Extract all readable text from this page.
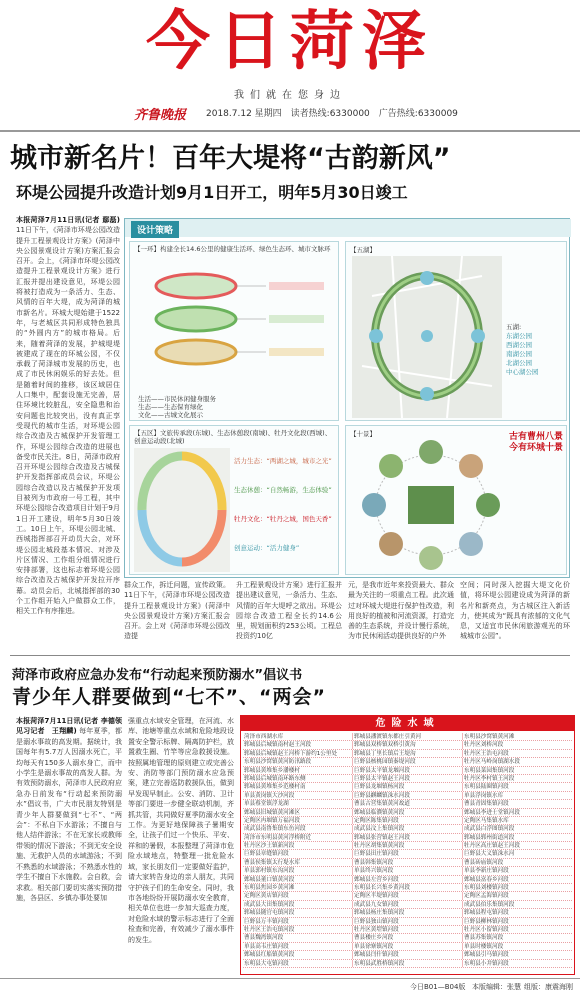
今日菏泽
我们就在您身边
齐鲁晚报 2018.7.12 星期四　读者热线:6330000　广告热线:6330009
城市新名片！百年大堤将“古韵新风”
环堤公园提升改造计划9月1日开工，明年5月30日竣工
本报菏泽7月11日讯(记者 鄢磊) 11日下午，《菏泽市环堤公园改造提升工程景观设计方案》(菏泽中央公园景观设计方案)方案汇报会召开。会上，《菏泽市环堤公园改造提升工程景观设计方案》进行汇报并提出建设意见，环堤公园将被打造成为一条活力、生态、风情的百年大堤，成为菏泽的城市新名片。环城大堤始建于1522年，与老城区共同形成特色独具的“外圆内方”的城市格局。后来，随着菏泽的发展，护城堤堤被建成了现在的环城公园，不仅承载了菏泽城市发展的历史，也成了市民休闲娱乐的好去处。但是随着时间的推移，该区域居住人口集中，配套设施无完善，居住环境比较脏乱，安全隐患和治安问题也比较突出，没有真正享受现代的城市生活，对环堤公园综合改造及古城保护开发管理工作，环堤公园综合改造的进展也备受市民关注。8日，菏泽市政府召开环堤公园综合改造及古城保护开发指挥部成员会议，环堤公园综合改造以及古城保护开发项目被列为市政府一号工程，其中环堤公园综合改造项目计划于9月1日开工建设，明年5月30日竣工。10日上午，环堤公园北城、西城指挥部召开动员大会，对环堤公园北城段基本情况、对涉及片区情况、工作组分组情况进行安排部署，这也标志着环堤公园综合改造及古城保护开发拉开序幕。动员会后，北城指挥部的30个工作组开始入户做群众工作，相关工作有序推进。
设计策略
【一环】构建全长14.6公里的健康生活环、绿色生态环、城市文脉环
生活——市民休闲健身服务
生态——生态保育绿化
文化——古城文化展示
【五湖】
五湖:
东湖公园
西湖公园
南湖公园
北湖公园
中心湖公园
【五区】文旅传承段(东城)、生态休憩段(南城)、牡丹文化段(西城)、创意运动段(北城)
活力生态：“两湖之城，城市之光”
生态休憩：“自然畅游，生态体验”
牡丹文化：“牡丹之城，国色天香”
创意运动：“活力健身”
【十景】	古有曹州八景
今有环城十景
群众工作，拆迁问题，宣传政策。11日下午，《菏泽市环堤公园改造提升工程景观设计方案》(菏泽中央公园景观设计方案)方案汇报会召开。会上对《菏泽市环堤公园改造提
升工程景观设计方案》进行汇报并提出建议意见，一条活力、生态、风情的百年大堤呼之欲出。环堤公园综合改造工程全长约14.6公里，规划面积约253公顷。工程总投资约10亿
元，是我市近年来投资最大、群众最为关注的一项重点工程。此次通过对环城大堤进行保护性改造，利用良好的植被和河流资源，打造完善的生态系统，并设计慢行系统，为市民休闲活动提供良好的户外
空间；同时深入挖掘大堤文化价值，将环堤公园建设成为菏泽的新名片和新亮点，为古城区注入新活力，使其成为“既具有浓郁的文化气息，又适宜市民休闲旅游观光的环城城市公园”。
菏泽市政府应急办发布“行动起来预防溺水”倡议书
青少年人群要做到“七不”、“两会”
本报菏泽7月11日讯(记者 李德领　见习记者　王翔麟) 每年夏季，都是溺水事故的高发期。据统计，我国每年有5.7万人因溺水死亡，平均每天有150多人溺水身亡，而中小学生是溺水事故的高发人群。为有效预防溺水，菏泽市人民政府应急办日前发布“行动起来预防溺水”倡议书，广大市民朋友特别是青少年人群要做到“七不”、“两会”：不私自下水游泳；不擅自与他人结伴游泳；不在无家长或教师带领的情况下游泳；不到无安全设施、无救护人员的水域游泳；不到不熟悉的水域游泳；不熟悉水性的学生不擅自下水施救。会自救，会求救。相关部门要切实落实预防措施，各县区、乡镇办事处要加
强重点水域安全管理，在河流、水库、池塘等重点水域和危险地段设置安全警示标牌、隔离防护栏，放置救生圈、竹竿等应急救援设施。按照属地管理的原则建立或完善公安、消防等部门预防溺水应急预案，建立完善巡防救援队伍，做到早发现早制止。公安、消防、卫计等部门要进一步健全联动机制，齐抓共管，共同做好夏季防溺水安全工作。为更好地保障孩子暑期安全，让孩子们过一个快乐、平安、祥和的暑假，本报整理了菏泽市危险水域地点，特整理一批危险水域，家长朋友们一定要做好监护，请大家转告身边的亲人朋友，共同守护孩子们的生命安全。同时，我市各地纷纷开展防溺水安全教育，相关单位也进一步加大巡查力度，对危险水域的警示标志进行了全面检查和完善，有效减少了溺水事件的发生。
危险水域
菏泽市西湖水库	郓城县潘渡镇东都庄引黄河	东明县沙窝镇黄河滩
郓城县后城镇南村赵王河段	郓城县双桥镇双桥引黄沟	牡丹区刘桥河段
郓城县后城镇赵王河桥下游约1公里处	郓城县丁里长镇后王堤沟	牡丹区王浩屯河段
东明县沙窝镇黄河防汛路段	巨野县核桃园镇秦堤河段	牡丹区马岭岗镇湖水段
郓城县黄堆集乡潘楼村	巨野县太平镇龙堌河段	东明县菜园集镇河段
郓城县后城镇南环路东侧	巨野县太平镇赵王河段	牡丹区李村镇王河段
郓城县黄堆集乡范楼村南	巨野县龙堌镇杨河段	东明县陆圈镇河段
单县黄岗镇大沙河段	巨野县麒麟镇洙水河段	单县浮岗镇水库
单县蔡堂镇浮龙湖	曹县古营集镇黄河故道	曹县青固集镇河段
鄄城县旧城镇黄河滩区	鄄城县临濮镇黄河段	鄄城县李进士堂镇河段
定陶区冉堌镇万福河段	定陶区陈集镇河段	定陶区马集镇水库
成武县南鲁集镇东鱼河段	成武县汶上集镇河段	成武县白浮图镇河段
菏泽市东明县黄河浮桥附近	郓城县张营镇赵王河段	郓城县郓州街道河段
牡丹区沙土镇新河段	牡丹区胡集镇黄河段	牡丹区高庄镇赵王河段
巨野县章缝镇河段	巨野县田庄镇河段	巨野县大义镇洙水河
曹县侯集镇太行堤水库	曹县韩集镇河段	曹县砖庙镇河段
单县郭村镇东沟河段	单县终兴镇河段	单县李新庄镇河段
鄄城县董口镇黄河段	鄄城县左营乡河段	鄄城县富春乡河段
东明县焦园乡黄河滩	东明县长兴集乡黄河段	东明县刘楼镇河段
定陶区黄店镇河段	定陶区半堤镇河段	定陶区孟海镇河段
成武县大田集镇河段	成武县九女镇河段	成武县伯乐集镇河段
郓城县随官屯镇河段	郓城县杨庄集镇河段	郓城县程屯镇河段
巨野县万丰镇河段	巨野县独山镇河段	巨野县柳林镇河段
牡丹区王浩屯镇河段	牡丹区黄堽镇河段	牡丹区小留镇河段
曹县魏湾镇河段	曹县楼庄乡河段	曹县苏集镇河段
单县高韦庄镇河段	单县徐寨镇河段	单县时楼镇河段
鄄城县红船镇黄河段	鄄城县闫什镇河段	鄄城县引马镇河段
东明县大屯镇河段	东明县武胜桥镇河段	东明县小井镇河段
今日B01—B04版 本版编辑：张慧 组版：康震海刚
